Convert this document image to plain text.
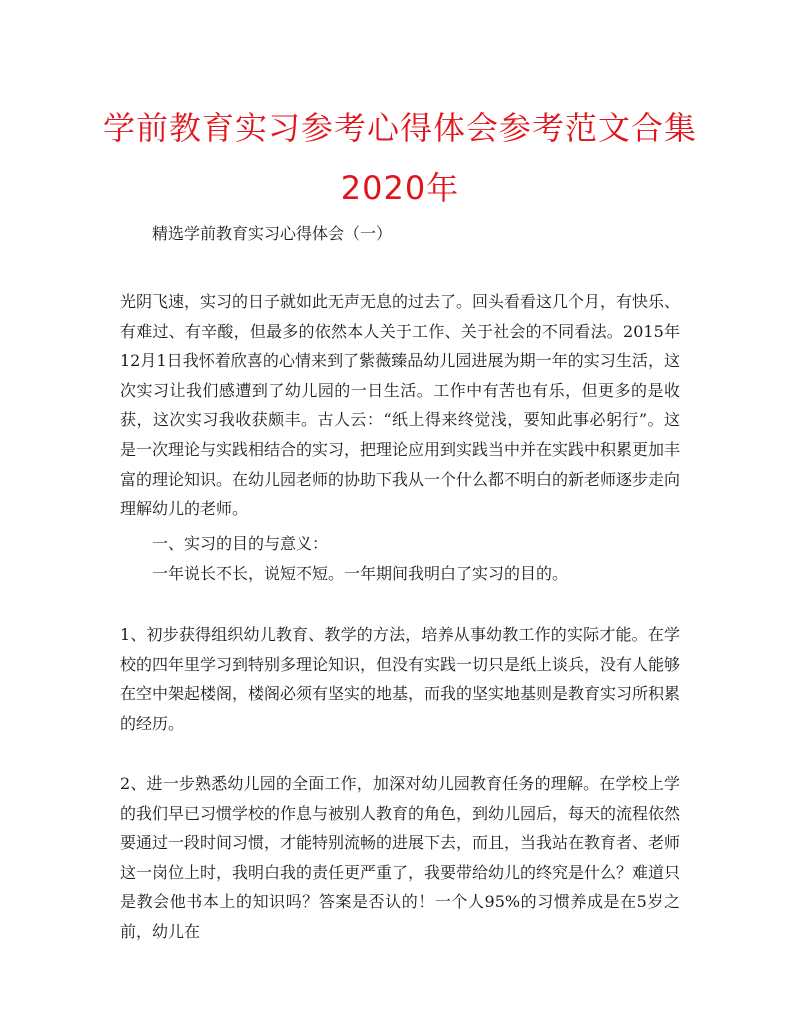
学前教育实习参考心得体会参考范文合集
2020年

精选学前教育实习心得体会（一）

光阴飞速，实习的日子就如此无声无息的过去了。回头看看这几个月，有快乐、有难过、有辛酸，但最多的依然本人关于工作、关于社会的不同看法。2015年12月1日我怀着欣喜的心情来到了紫薇臻品幼儿园进展为期一年的实习生活，这次实习让我们感遭到了幼儿园的一日生活。工作中有苦也有乐，但更多的是收获，这次实习我收获颇丰。古人云：“纸上得来终觉浅，要知此事必躬行”。这是一次理论与实践相结合的实习，把理论应用到实践当中并在实践中积累更加丰富的理论知识。在幼儿园老师的协助下我从一个什么都不明白的新老师逐步走向理解幼儿的老师。

一、实习的目的与意义：

一年说长不长，说短不短。一年期间我明白了实习的目的。

1、初步获得组织幼儿教育、教学的方法，培养从事幼教工作的实际才能。在学校的四年里学习到特别多理论知识，但没有实践一切只是纸上谈兵，没有人能够在空中架起楼阁，楼阁必须有坚实的地基，而我的坚实地基则是教育实习所积累的经历。

2、进一步熟悉幼儿园的全面工作，加深对幼儿园教育任务的理解。在学校上学的我们早已习惯学校的作息与被别人教育的角色，到幼儿园后，每天的流程依然要通过一段时间习惯，才能特别流畅的进展下去，而且，当我站在教育者、老师这一岗位上时，我明白我的责任更严重了，我要带给幼儿的终究是什么？难道只是教会他书本上的知识吗？答案是否认的！一个人95%的习惯养成是在5岁之前，幼儿在
